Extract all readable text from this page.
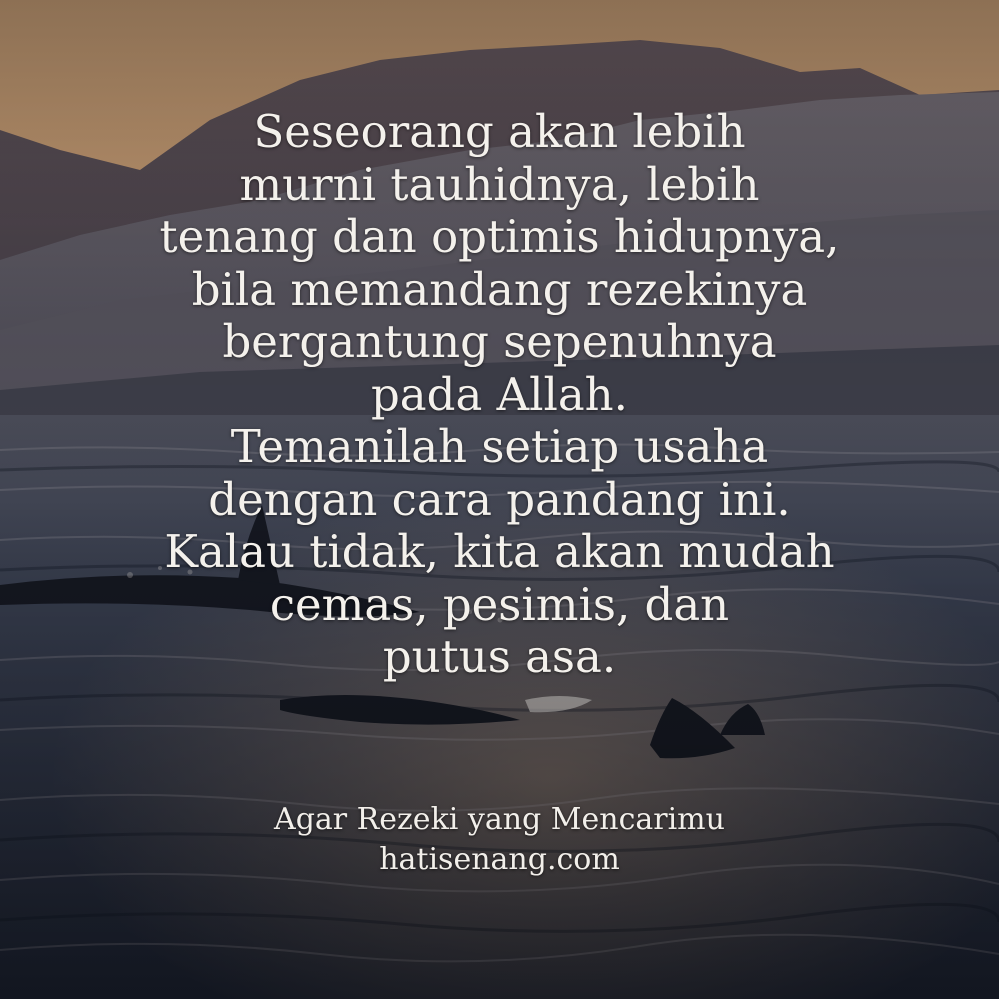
Seseorang akan lebih
murni tauhidnya, lebih
tenang dan optimis hidupnya,
bila memandang rezekinya
bergantung sepenuhnya
pada Allah.
Temanilah setiap usaha
dengan cara pandang ini.
Kalau tidak, kita akan mudah
cemas, pesimis, dan
putus asa.

Agar Rezeki yang Mencarimu
hatisenang.com
